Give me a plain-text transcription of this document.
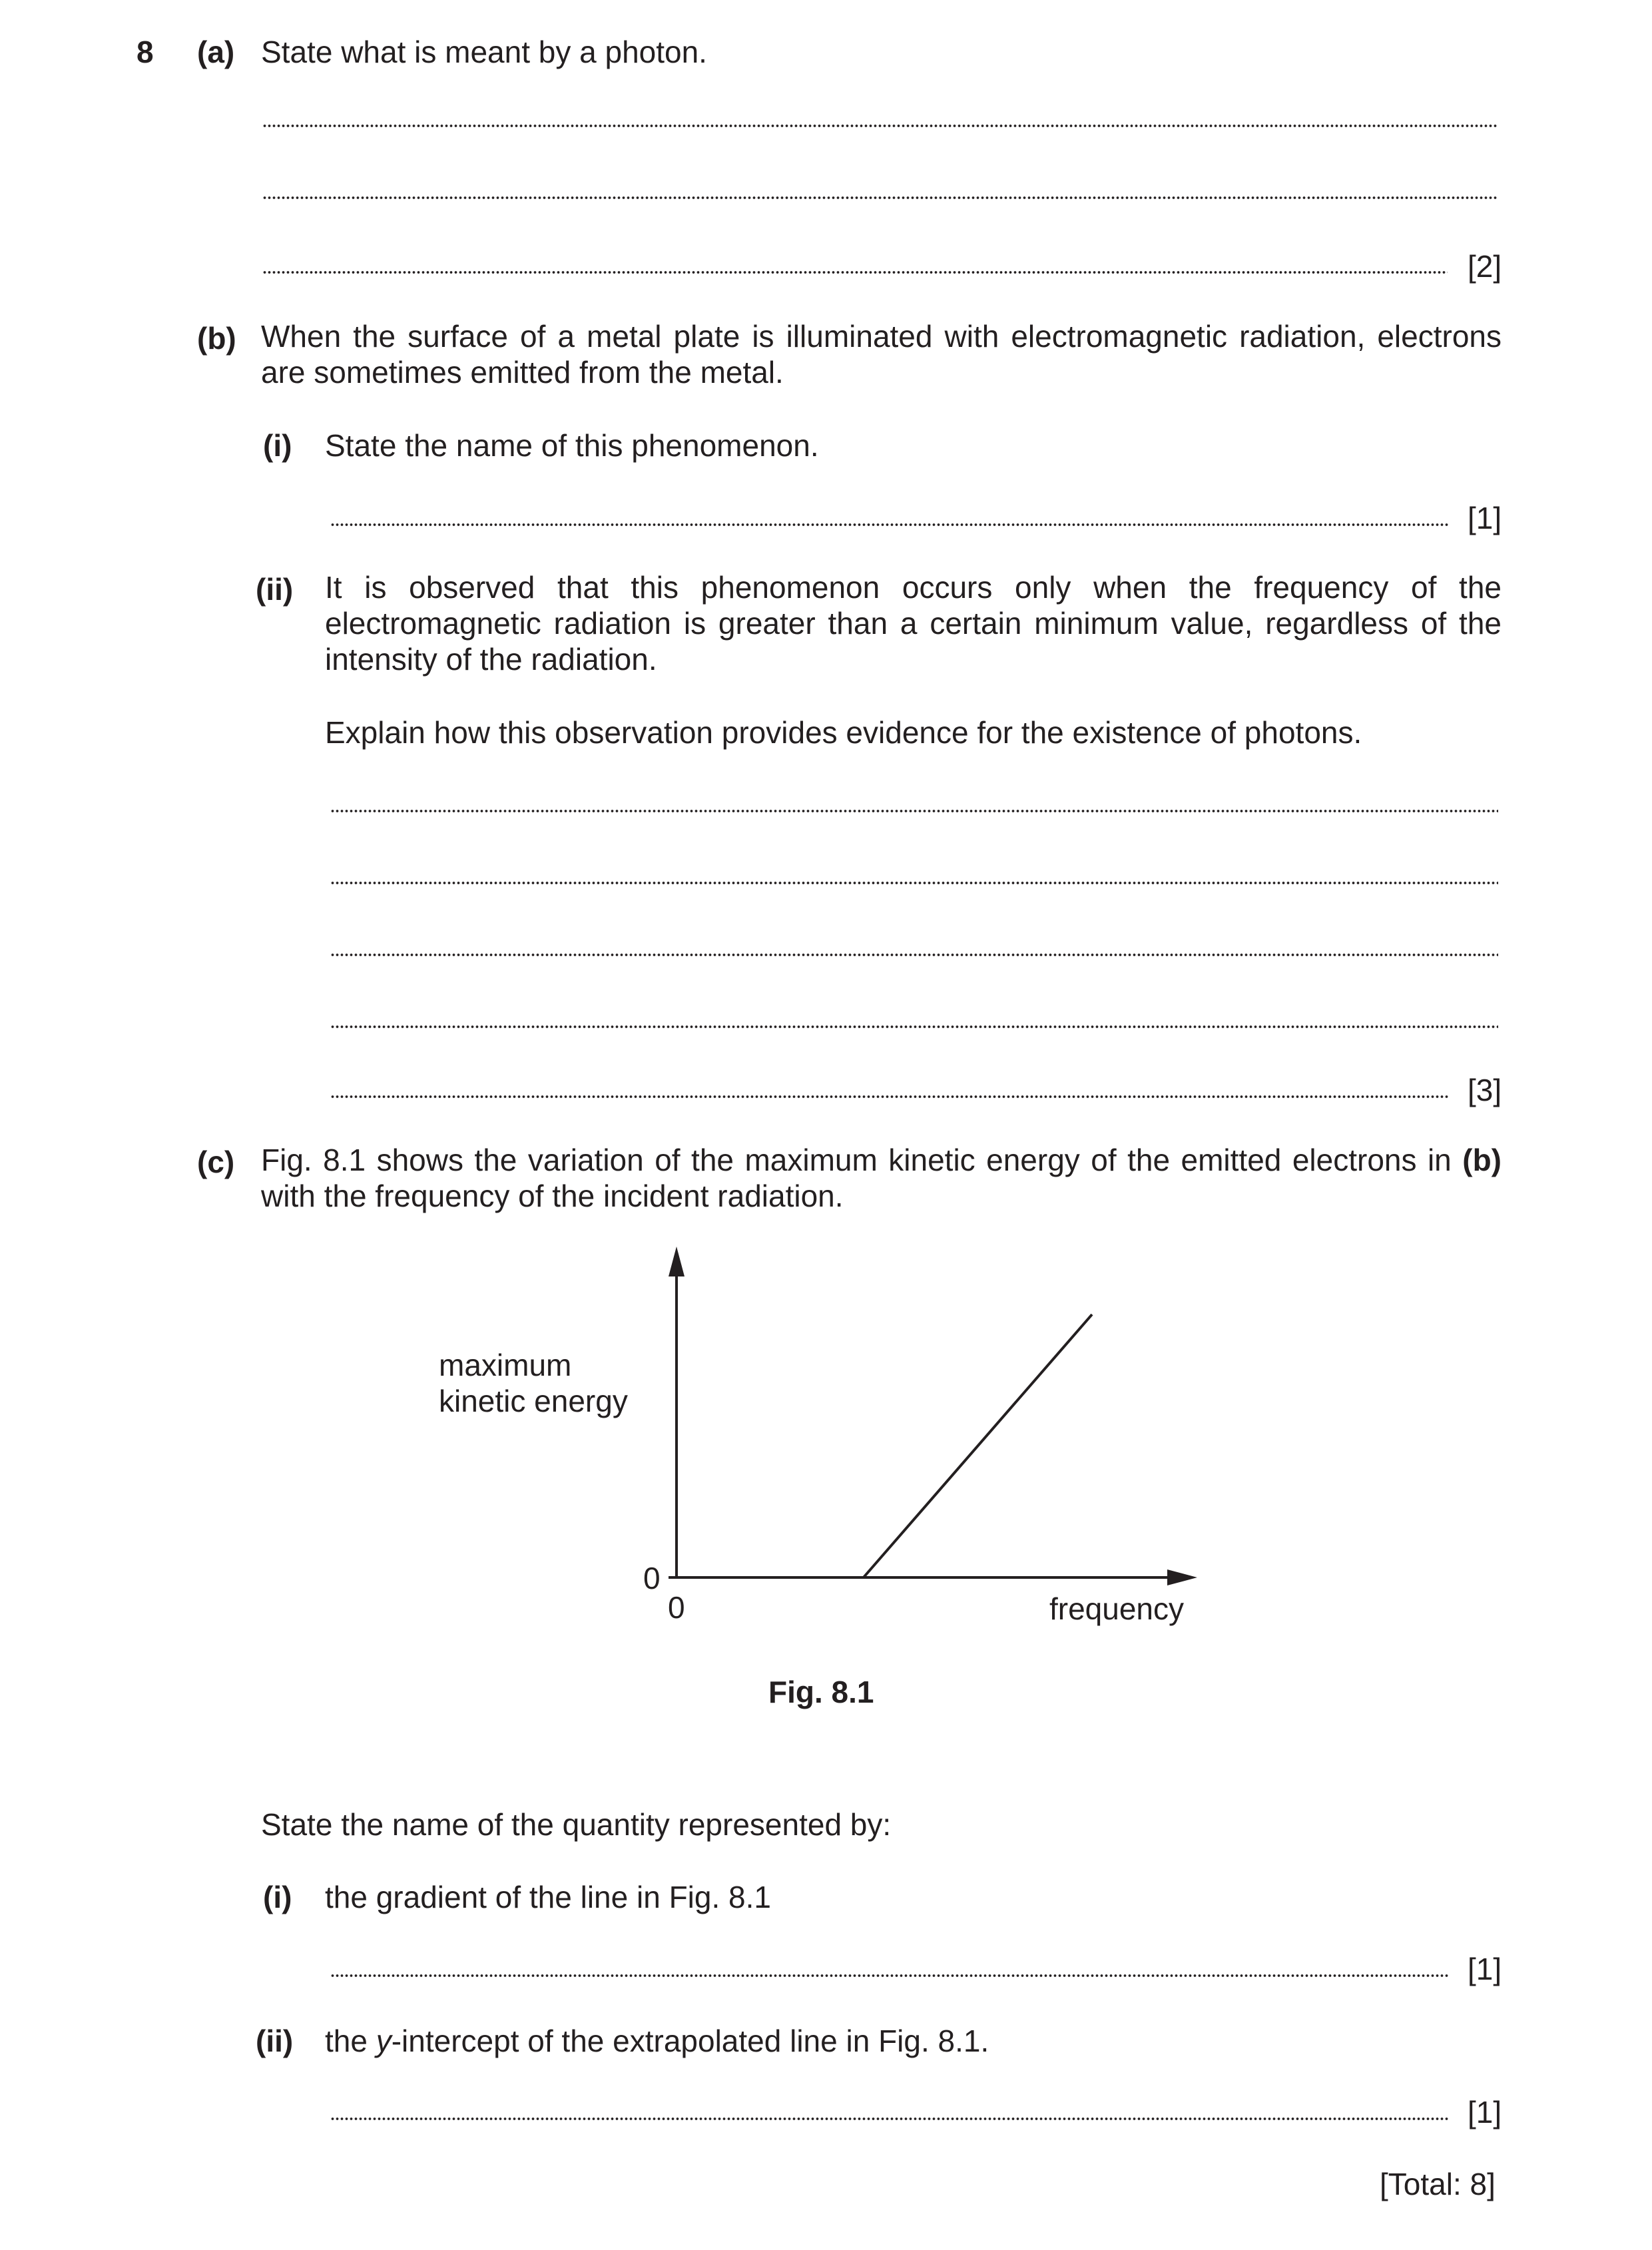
8 (a) State what is meant by a photon.
[2]
(b) When the surface of a metal plate is illuminated with electromagnetic radiation, electrons are sometimes emitted from the metal.
(i) State the name of this phenomenon.
[1]
(ii) It is observed that this phenomenon occurs only when the frequency of the electromagnetic radiation is greater than a certain minimum value, regardless of the intensity of the radiation.
Explain how this observation provides evidence for the existence of photons.
[3]
(c) Fig. 8.1 shows the variation of the maximum kinetic energy of the emitted electrons in (b) with the frequency of the incident radiation.
maximum
kinetic energy
0
0	frequency
Fig. 8.1
State the name of the quantity represented by:
(i) the gradient of the line in Fig. 8.1
[1]
(ii) the y-intercept of the extrapolated line in Fig. 8.1.
[1]
[Total: 8]
